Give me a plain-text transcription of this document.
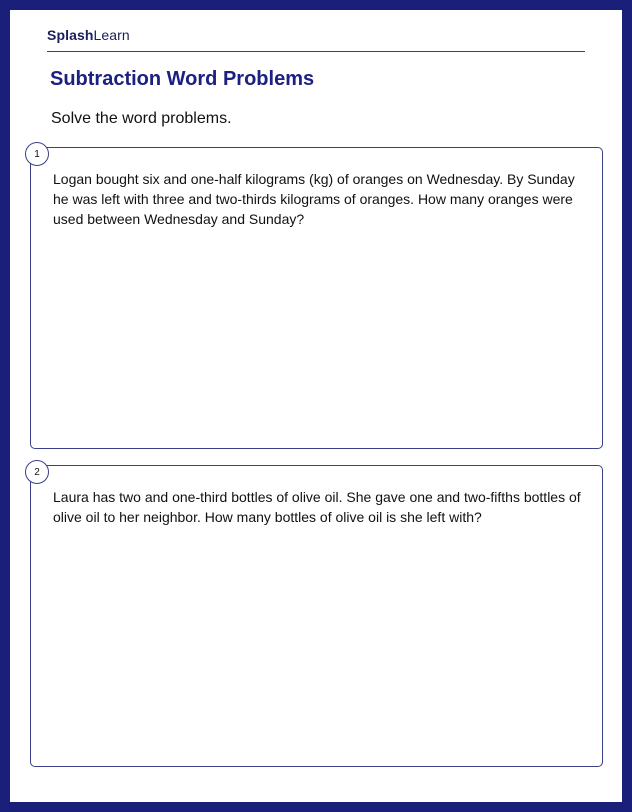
SplashLearn
Subtraction Word Problems
Solve the word problems.
1
Logan bought six and one-half kilograms (kg) of oranges on Wednesday. By Sunday he was left with three and two-thirds kilograms of oranges. How many oranges were used between Wednesday and Sunday?
2
Laura has two and one-third bottles of olive oil. She gave one and two-fifths bottles of olive oil to her neighbor. How many bottles of olive oil is she left with?
